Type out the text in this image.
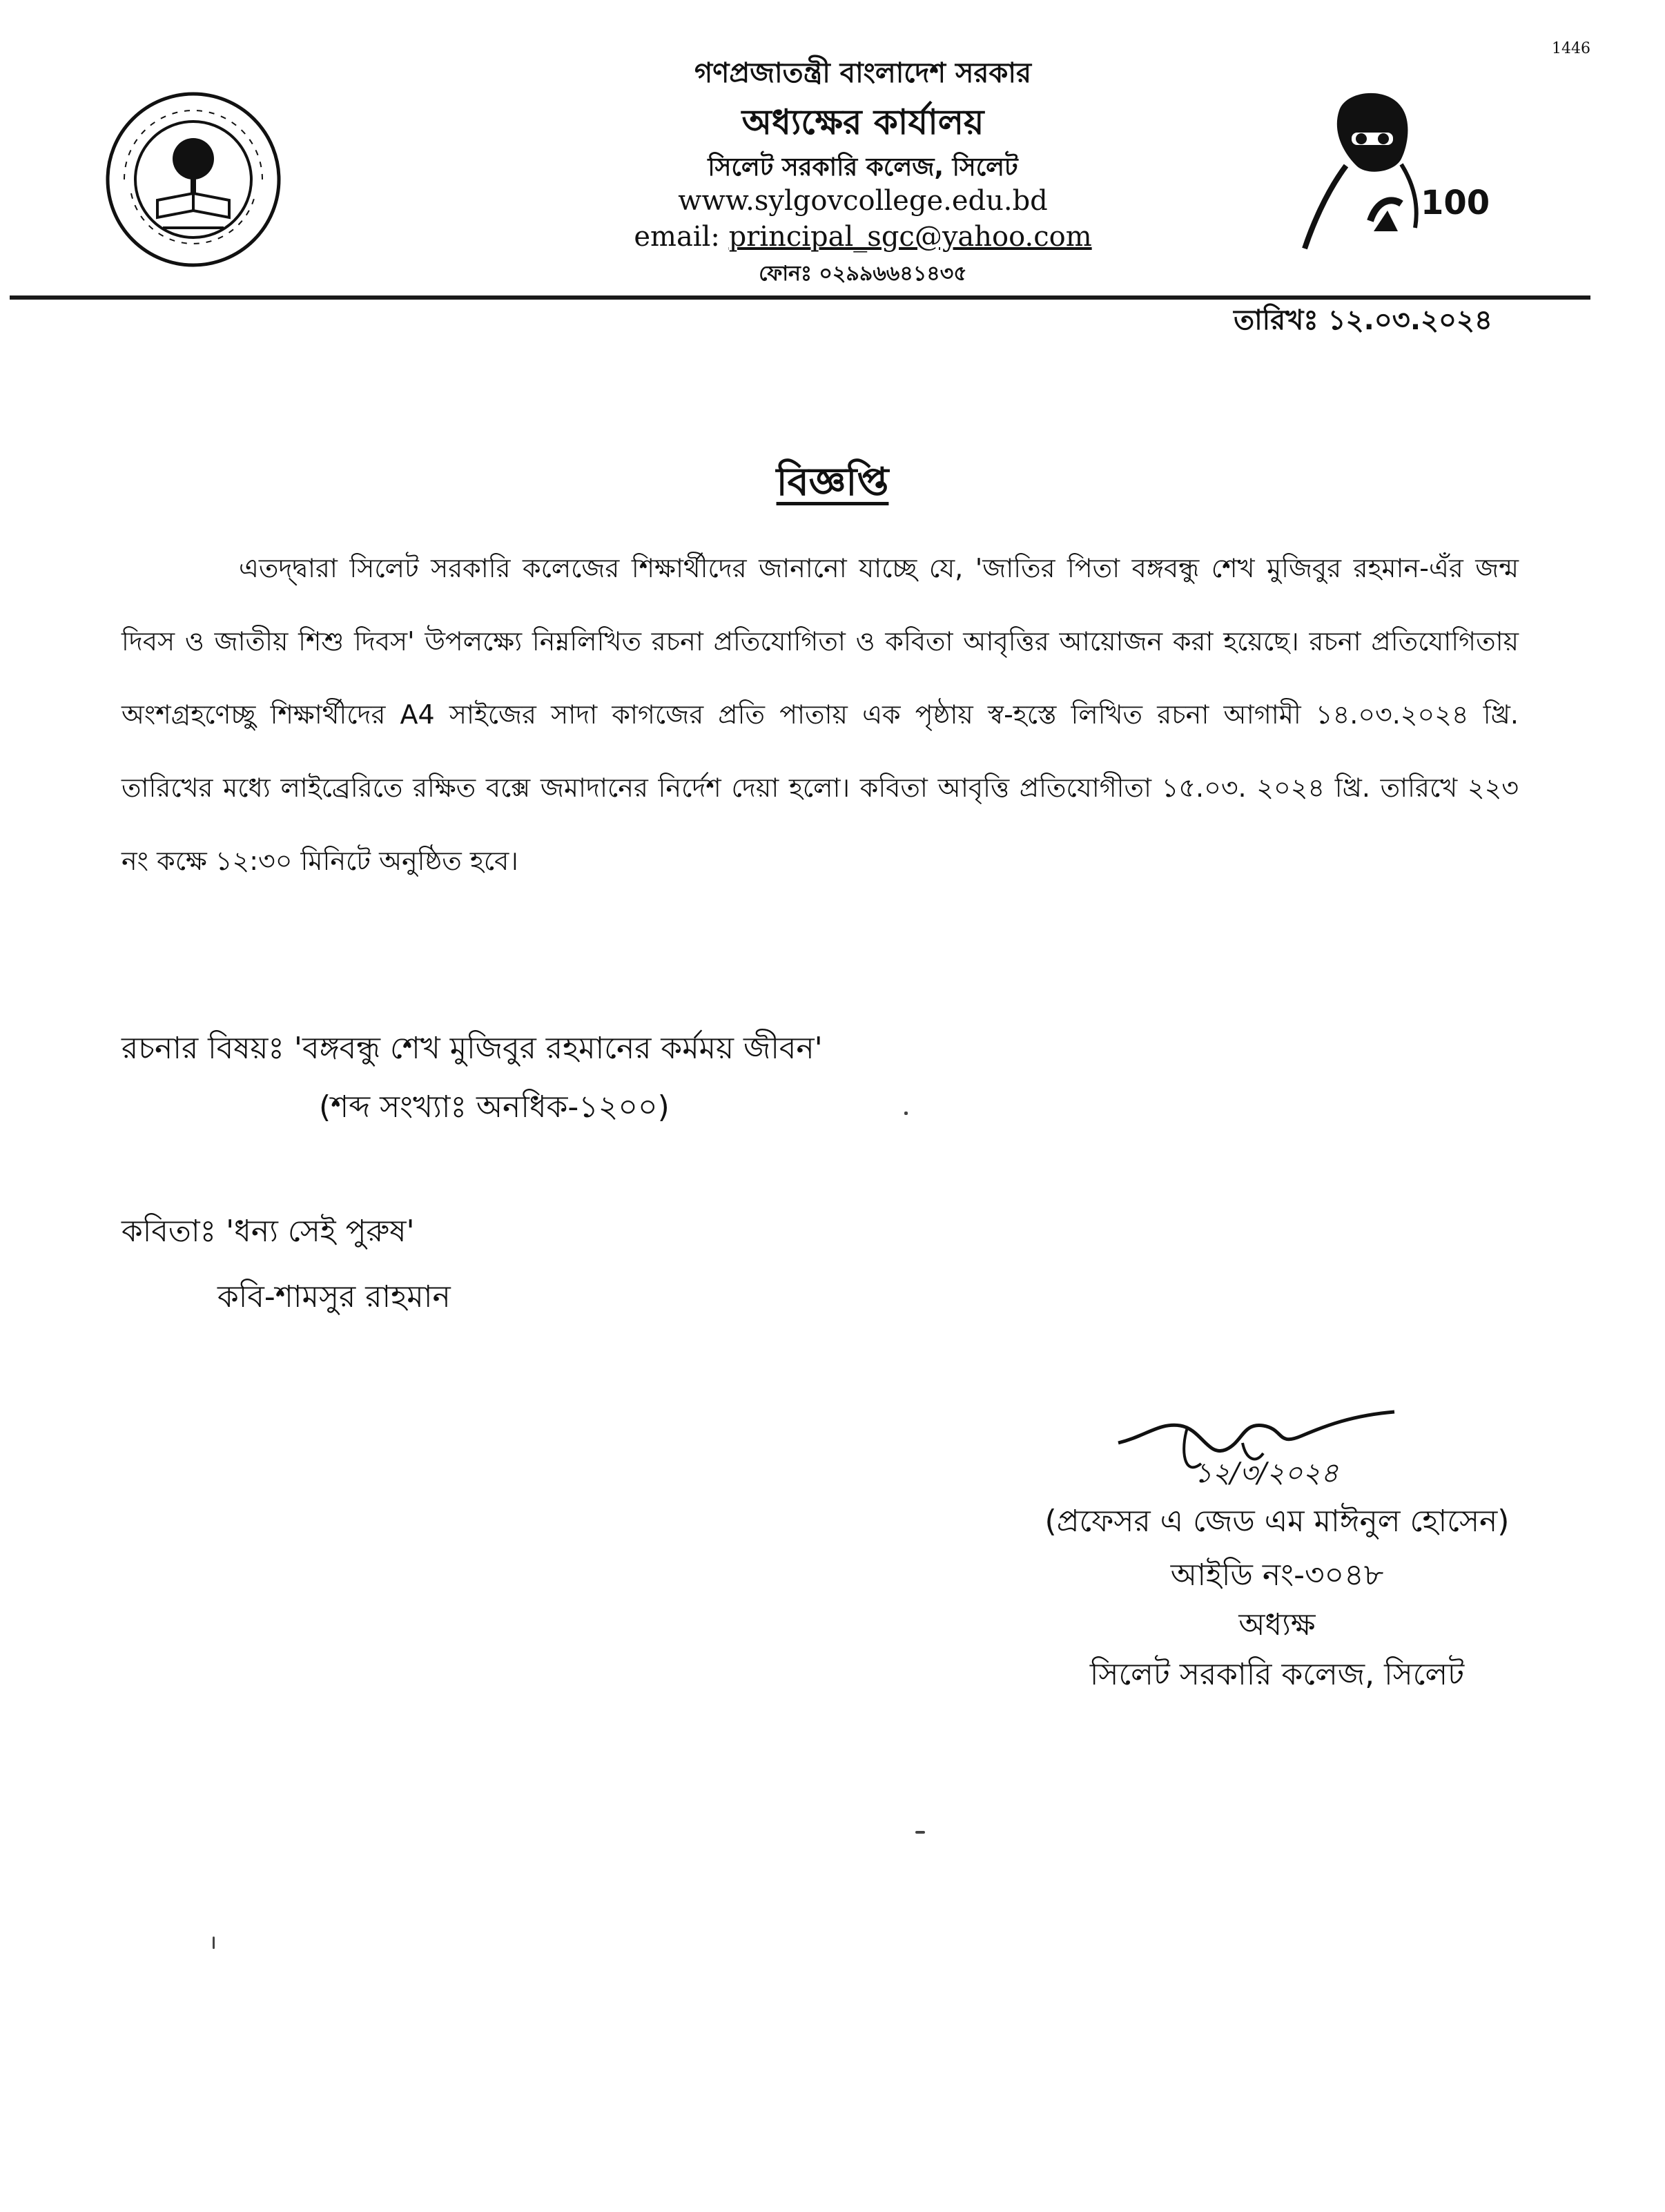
1446
গণপ্রজাতন্ত্রী বাংলাদেশ সরকার
অধ্যক্ষের কার্যালয়
সিলেট সরকারি কলেজ, সিলেট
www.sylgovcollege.edu.bd
email: principal_sgc@yahoo.com
ফোনঃ ০২৯৯৬৬৪১৪৩৫
100
তারিখঃ ১২.০৩.২০২৪
বিজ্ঞপ্তি
এতদ্দ্বারা সিলেট সরকারি কলেজের শিক্ষার্থীদের জানানো যাচ্ছে যে, 'জাতির পিতা বঙ্গবন্ধু শেখ মুজিবুর রহমান-এঁর জন্ম দিবস ও জাতীয় শিশু দিবস' উপলক্ষ্যে নিম্নলিখিত রচনা প্রতিযোগিতা ও কবিতা আবৃত্তির আয়োজন করা হয়েছে। রচনা প্রতিযোগিতায় অংশগ্রহণেচ্ছু শিক্ষার্থীদের A4 সাইজের সাদা কাগজের প্রতি পাতায় এক পৃষ্ঠায় স্ব-হস্তে লিখিত রচনা আগামী ১৪.০৩.২০২৪ খ্রি. তারিখের মধ্যে লাইব্রেরিতে রক্ষিত বক্সে জমাদানের নির্দেশ দেয়া হলো। কবিতা আবৃত্তি প্রতিযোগীতা ১৫.০৩. ২০২৪ খ্রি. তারিখে ২২৩ নং কক্ষে ১২:৩০ মিনিটে অনুষ্ঠিত হবে।
রচনার বিষয়ঃ 'বঙ্গবন্ধু শেখ মুজিবুর রহমানের কর্মময় জীবন'
(শব্দ সংখ্যাঃ অনধিক-১২০০)
কবিতাঃ 'ধন্য সেই পুরুষ'
কবি-শামসুর রাহমান
১২/৩/২০২৪
(প্রফেসর এ জেড এম মাঈনুল হোসেন)
আইডি নং-৩০৪৮
অধ্যক্ষ
সিলেট সরকারি কলেজ, সিলেট
